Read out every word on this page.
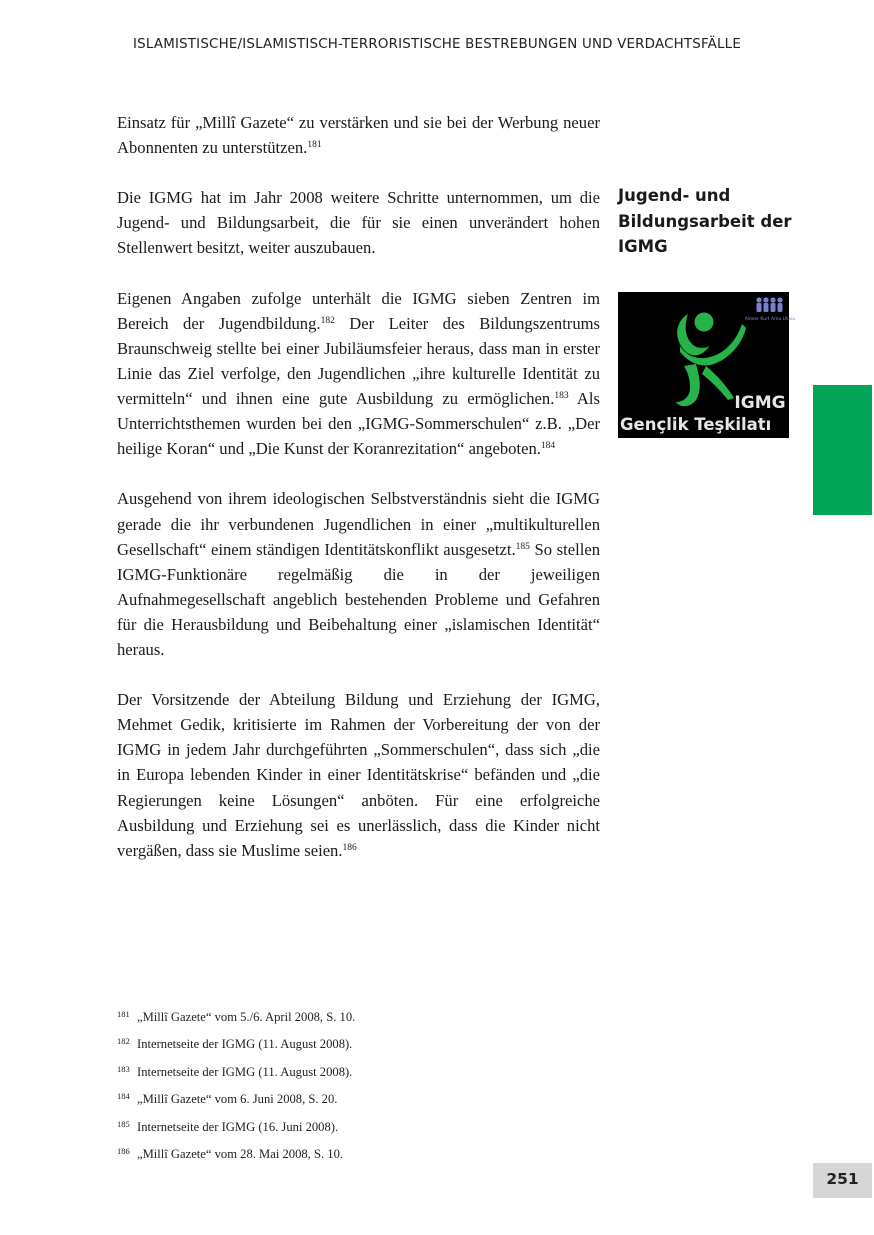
ISLAMISTISCHE/ISLAMISTISCH-TERRORISTISCHE BESTREBUNGEN UND VERDACHTSFÄLLE

Einsatz für „Millî Gazete“ zu verstärken und sie bei der Werbung neuer Abonnenten zu unterstützen.$^{181}$

Die IGMG hat im Jahr 2008 weitere Schritte unternommen, um die Jugend- und Bildungsarbeit, die für sie einen unverändert hohen Stellenwert besitzt, weiter auszubauen.

Eigenen Angaben zufolge unterhält die IGMG sieben Zentren im Bereich der Jugendbildung.$^{182}$ Der Leiter des Bildungszentrums Braunschweig stellte bei einer Jubiläumsfeier heraus, dass man in erster Linie das Ziel verfolge, den Jugendlichen „ihre kulturelle Identität zu vermitteln“ und ihnen eine gute Ausbildung zu ermöglichen.$^{183}$ Als Unterrichtsthemen wurden bei den „IGMG-Sommerschulen“ z.B. „Der heilige Koran“ und „Die Kunst der Koranrezitation“ angeboten.$^{184}$

Ausgehend von ihrem ideologischen Selbstverständnis sieht die IGMG gerade die ihr verbundenen Jugendlichen in einer „multikulturellen Gesellschaft“ einem ständigen Identitätskonflikt ausgesetzt.$^{185}$ So stellen IGMG-Funktionäre regelmäßig die in der jeweiligen Aufnahmegesellschaft angeblich bestehenden Probleme und Gefahren für die Herausbildung und Beibehaltung einer „islamischen Identität“ heraus.

Der Vorsitzende der Abteilung Bildung und Erziehung der IGMG, Mehmet Gedik, kritisierte im Rahmen der Vorbereitung der von der IGMG in jedem Jahr durchgeführten „Sommerschulen“, dass sich „die in Europa lebenden Kinder in einer Identitätskrise“ befänden und „die Regierungen keine Lösungen“ anböten. Für eine erfolgreiche Ausbildung und Erziehung sei es unerlässlich, dass die Kinder nicht vergäßen, dass sie Muslime seien.$^{186}$

Jugend- und
Bildungsarbeit der
IGMG
Aileler Kurt Ama Ulusu
IGMG
Gençlik Teşkilatı
181 „Millî Gazete“ vom 5./6. April 2008, S. 10.
182 Internetseite der IGMG (11. August 2008).
183 Internetseite der IGMG (11. August 2008).
184 „Millî Gazete“ vom 6. Juni 2008, S. 20.
185 Internetseite der IGMG (16. Juni 2008).
186 „Millî Gazete“ vom 28. Mai 2008, S. 10.
251
